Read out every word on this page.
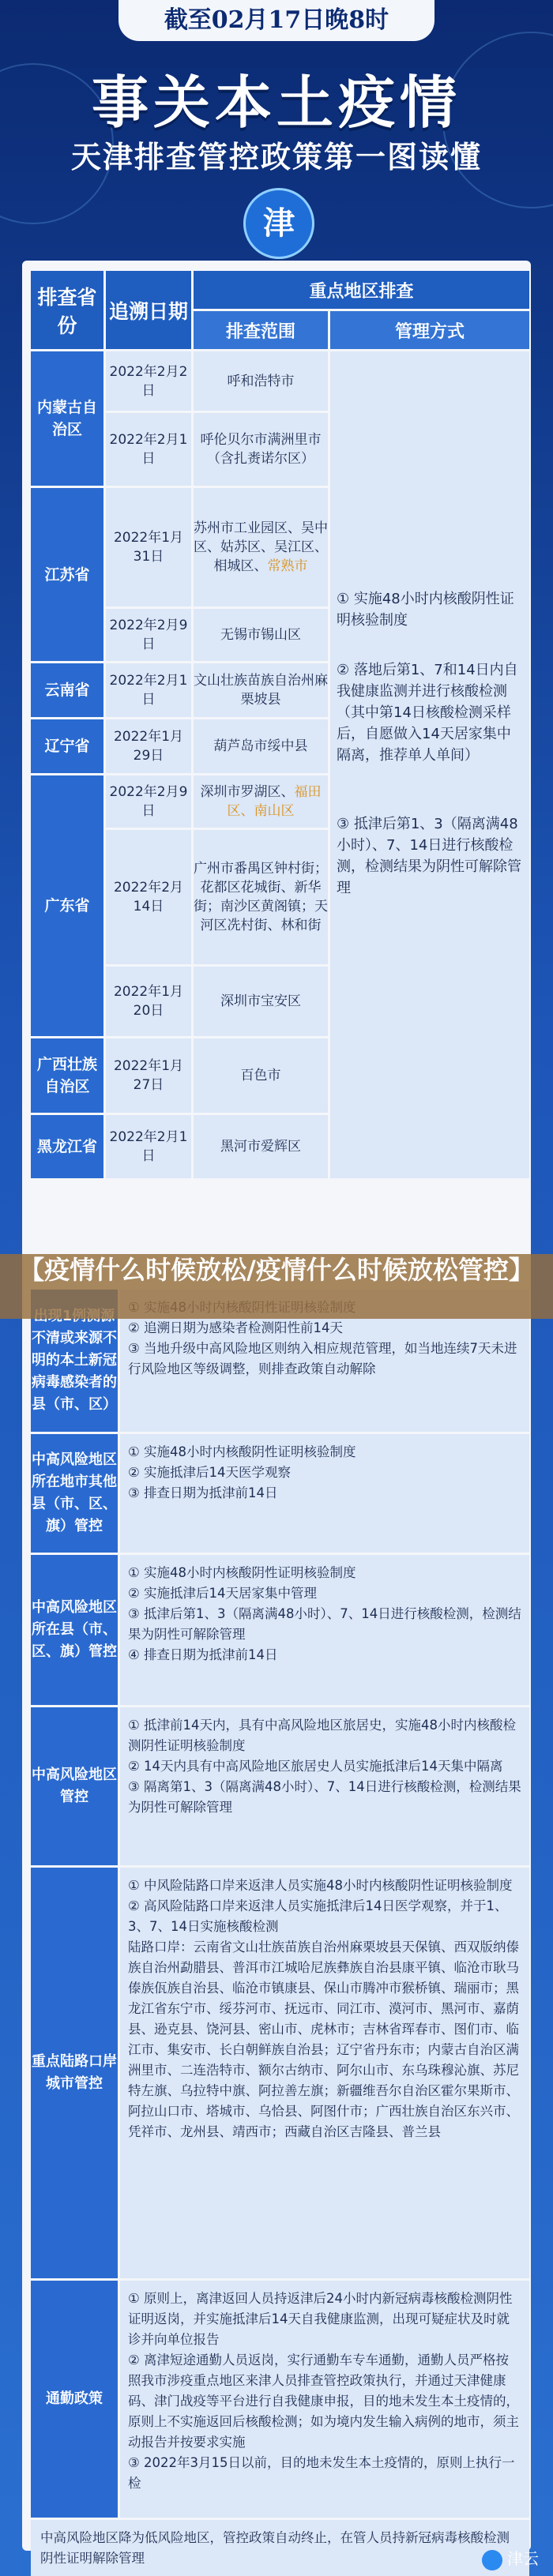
截至02月17日晚8时
事关本土疫情
天津排查管控政策第一图读懂
津
排查省份	追溯日期	重点地区排查	
		排查范围	管理方式
内蒙古自治区	2022年2月2日	呼和浩特市	① 实施48小时内核酸阴性证明核验制度
② 落地后第1、7和14日内自我健康监测并进行核酸检测（其中第14日核酸检测采样后，自愿做入14天居家集中隔离，推荐单人单间）
③ 抵津后第1、3（隔离满48小时）、7、14日进行核酸检测，检测结果为阴性可解除管理

	2022年2月1日	呼伦贝尔市满洲里市（含扎赉诺尔区）	
江苏省	2022年1月31日	苏州市工业园区、吴中区、姑苏区、吴江区、相城区、常熟市	
	2022年2月9日	无锡市锡山区	
云南省	2022年2月1日	文山壮族苗族自治州麻栗坡县	
辽宁省	2022年1月29日	葫芦岛市绥中县	
广东省	2022年2月9日	深圳市罗湖区、福田区、南山区	
	2022年2月14日	广州市番禺区钟村街；花都区花城街、新华街；南沙区黄阁镇；天河区冼村街、林和街	
	2022年1月20日	深圳市宝安区	
广西壮族自治区	2022年1月27日	百色市	
黑龙江省	2022年2月1日	黑河市爱辉区	
不清或来源不明的本土新冠病毒感染者的县（市、区）	② 追溯日期为感染者检测阳性前14天
③ 当地升级中高风险地区则纳入相应规范管理，如当地连续7天未进行风险地区等级调整，则排查政策自动解除

中高风险地区所在地市其他县（市、区、旗）管控	① 实施48小时内核酸阴性证明核验制度
② 实施抵津后14天医学观察
③ 排查日期为抵津前14日

中高风险地区所在县（市、区、旗）管控	① 实施48小时内核酸阴性证明核验制度
② 实施抵津后14天居家集中管理
③ 抵津后第1、3（隔离满48小时）、7、14日进行核酸检测，检测结果为阴性可解除管理
④ 排查日期为抵津前14日

中高风险地区管控	① 抵津前14天内，具有中高风险地区旅居史，实施48小时内核酸检测阴性证明核验制度
② 14天内具有中高风险地区旅居史人员实施抵津后14天集中隔离
③ 隔离第1、3（隔离满48小时）、7、14日进行核酸检测，检测结果为阴性可解除管理

重点陆路口岸城市管控	① 中风险陆路口岸来返津人员实施48小时内核酸阴性证明核验制度
② 高风险陆路口岸来返津人员实施抵津后14日医学观察，并于1、3、7、14日实施核酸检测
陆路口岸：云南省文山壮族苗族自治州麻栗坡县天保镇、西双版纳傣族自治州勐腊县、普洱市江城哈尼族彝族自治县康平镇、临沧市耿马傣族佤族自治县、临沧市镇康县、保山市腾冲市猴桥镇、瑞丽市；黑龙江省东宁市、绥芬河市、抚远市、同江市、漠河市、黑河市、嘉荫县、逊克县、饶河县、密山市、虎林市；吉林省珲春市、图们市、临江市、集安市、长白朝鲜族自治县；辽宁省丹东市；内蒙古自治区满洲里市、二连浩特市、额尔古纳市、阿尔山市、东乌珠穆沁旗、苏尼特左旗、乌拉特中旗、阿拉善左旗；新疆维吾尔自治区霍尔果斯市、阿拉山口市、塔城市、乌恰县、阿图什市；广西壮族自治区东兴市、凭祥市、龙州县、靖西市；西藏自治区吉隆县、普兰县

通勤政策	① 原则上，离津返回人员持返津后24小时内新冠病毒核酸检测阴性证明返岗，并实施抵津后14天自我健康监测，出现可疑症状及时就诊并向单位报告
② 离津短途通勤人员返岗，实行通勤车专车通勤，通勤人员严格按照我市涉疫重点地区来津人员排查管控政策执行，并通过天津健康码、津门战疫等平台进行自我健康申报，目的地未发生本土疫情的，原则上不实施返回后核酸检测；如为境内发生输入病例的地市，须主动报告并按要求实施
③ 2022年3月15日以前，目的地未发生本土疫情的，原则上执行一检

中高风险地区降为低风险地区，管控政策自动终止，在管人员持新冠病毒核酸检测阴性证明解除管理	
【疫情什么时候放松/疫情什么时候放松管控】
津云
